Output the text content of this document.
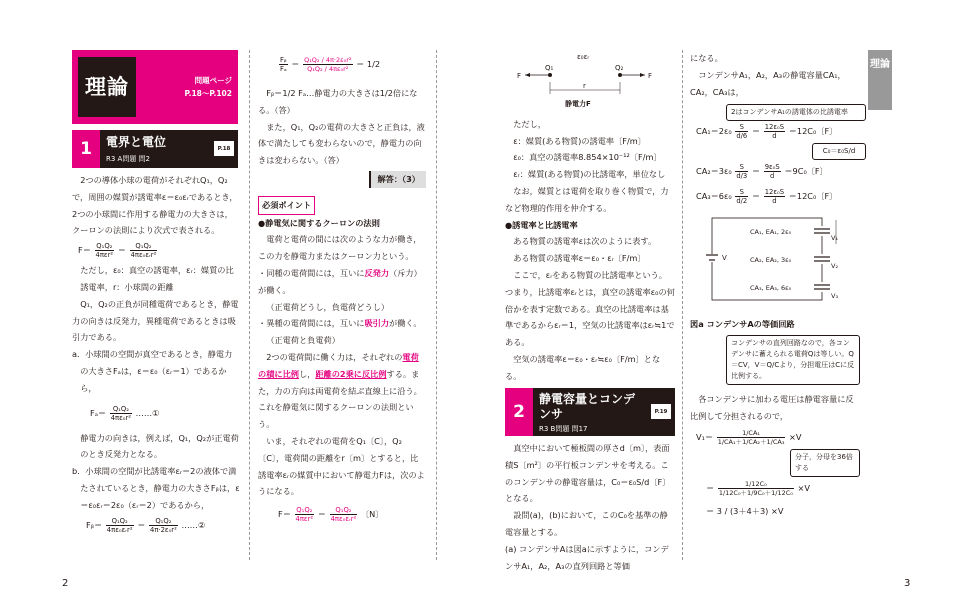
理論	問題ページ
P.18～P.102
1	電界と電位
R3 A問題 問2
P.18

2つの導体小球の電荷がそれぞれQ₁，Q₂で，周囲の媒質が誘電率ε＝ε₀εᵣであるとき，2つの小球間に作用する静電力の大きさは，クーロンの法則により次式で表される。

$F= \frac{\text{Q₁Q₂}}{\text{4πεr²}} = \frac{\text{Q₁Q₂}}{\text{4πε₀εᵣr²}}$

ただし，ε₀：真空の誘電率，εᵣ：媒質の比誘電率，r：小球間の距離

Q₁，Q₂の正負が同種電荷であるとき，静電力の向きは反発力，異種電荷であるときは吸引力である。

a．小球間の空間が真空であるとき，静電力の大きさFₐは，ε＝ε₀（εᵣ＝1）であるから，

$F_a= \frac{\text{Q₁Q₂}}{\text{4πε₀r²}}$ ……①

静電力の向きは，例えば，Q₁，Q₂が正電荷のとき反発力となる。

b．小球間の空間が比誘電率εᵣ＝2の液体で満たされているとき，静電力の大きさFᵦは，ε＝ε₀εᵣ＝2ε₀（εᵣ＝2）であるから，

Fᵦ＝ $\frac{\text{Q₁Q₂}}{\text{4πε₀εᵣr²}} = \frac{\text{Q₁Q₂}}{\text{4π·2ε₀r²}}$ ……②
$\frac{\text{Fᵦ}}{\text{Fₐ}} = \frac{\text{Q₁Q₂ / 4π·2ε₀r²}}{\text{Q₁Q₂ / 4πε₀r²}} = 1/2$

Fᵦ＝1/2 Fₐ…静電力の大きさは1/2倍になる。（答）

また，Q₁，Q₂の電荷の大きさと正負は，液体で満たしても変わらないので，静電力の向きは変わらない。（答）

解答：（3）

必須ポイント

●静電気に関するクーロンの法則

電荷と電荷の間には次のような力が働き，この力を静電力またはクーロン力という。

・同種の電荷間には，互いに反発力（斥力）が働く。

（正電荷どうし，負電荷どうし）

・異種の電荷間には，互いに吸引力が働く。

（正電荷と負電荷）

2つの電荷間に働く力は，それぞれの電荷の積に比例し，距離の2乗に反比例する。また，力の方向は両電荷を結ぶ直線上に沿う。これを静電気に関するクーロンの法則という。

いま，それぞれの電荷をQ₁〔C〕，Q₂〔C〕，電荷間の距離をr〔m〕とすると，比誘電率εᵣの媒質中において静電力Fは，次のようになる。

$F= \frac{\text{Q₁Q₂}}{\text{4πεr²}} = \frac{\text{Q₁Q₂}}{\text{4πε₀εᵣr²}}$ 〔N〕
ε₀εᵣ
Q₁	Q₂
F	F
r
静電力F

ただし，

ε：媒質(ある物質)の誘電率〔F/m〕

ε₀：真空の誘電率8.854×10⁻¹²〔F/m〕

εᵣ：媒質(ある物質)の比誘電率，単位なし

なお，媒質とは電荷を取り巻く物質で，力など物理的作用を仲介する。

●誘電率と比誘電率

ある物質の誘電率εは次のように表す。

ある物質の誘電率ε＝ε₀・εᵣ〔F/m〕

ここで，εᵣをある物質の比誘電率という。つまり，比誘電率εᵣとは，真空の誘電率ε₀の何倍かを表す定数である。真空の比誘電率は基準であるからεᵣ＝1，空気の比誘電率はεᵣ≒1である。

空気の誘電率ε＝ε₀・εᵣ≒ε₀〔F/m〕となる。

2
静電容量とコンデンサ
R3 B問題 問17
P.19

真空中において極板間の厚さd〔m〕，表面積S〔m²〕の平行板コンデンサを考える。このコンデンサの静電容量は，C₀＝ε₀S/d〔F〕となる。

設問(a)，(b)において，このC₀を基準の静電容量とする。

(a) コンデンサAは図aに示すように，コンデンサA₁，A₂，A₃の直列回路と等価

になる。

コンデンサA₁，A₂，A₃の静電容量CA₁，CA₂，CA₃は，

2はコンデンサA₁の誘電体の比誘電率
$CA_1=2\varepsilon_0 \frac{S}{d/6} = \frac{\text{12ε₀S}}{d} =12C_0$〔F〕
C₀＝ε₀S/d
$CA_2=3\varepsilon_0 \frac{S}{d/3} = \frac{\text{9ε₀S}}{d} =9C_0$〔F〕
$CA_3=6\varepsilon_0 \frac{S}{d/2} = \frac{\text{12ε₀S}}{d} =12C_0$〔F〕
V
CA₁, EA₁, 2ε₀
CA₂, EA₂, 3ε₀
CA₃, EA₃, 6ε₀
V₁
V₂
V₃

図a コンデンサAの等価回路

コンデンサの直列回路なので，各コンデンサに蓄えられる電荷Qは等しい。Q＝CV，V＝Q/Cより，分担電圧はCに反比例する。

各コンデンサに加わる電圧は静電容量に反比例して分担されるので，

$V_1= \frac{\text{1/CA₁}}{\text{1/CA₁＋1/CA₂＋1/CA₃}} \times V$
分子，分母を36倍する
＝ $\frac{\text{1/12C₀}}{\text{1/12C₀＋1/9C₀＋1/12C₀}} \times V$
＝ 3 / (3＋4＋3) ×V
理論
2	3
